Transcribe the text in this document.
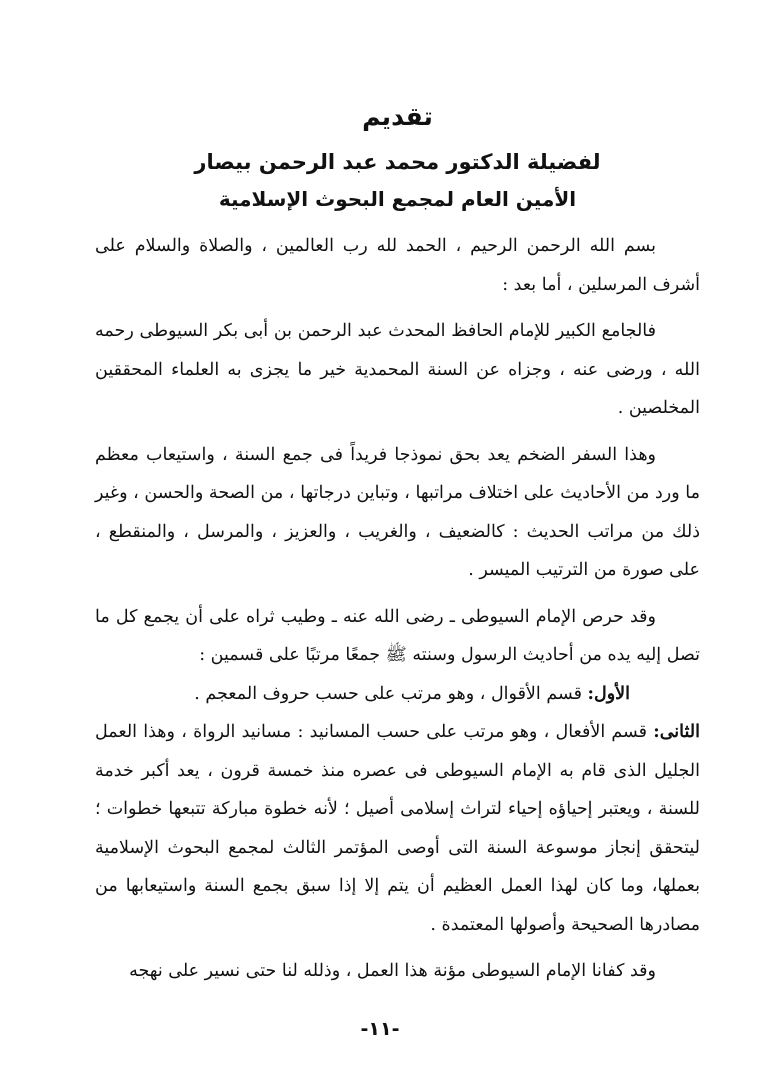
تقديم
لفضيلة الدكتور محمد عبد الرحمن بيصار
الأمين العام لمجمع البحوث الإسلامية

بسم الله الرحمن الرحيم ، الحمد لله رب العالمين ، والصلاة والسلام على أشرف المرسلين ، أما بعد :

فالجامع الكبير للإمام الحافظ المحدث عبد الرحمن بن أبى بكر السيوطى رحمه الله ، ورضى عنه ، وجزاه عن السنة المحمدية خير ما يجزى به العلماء المحققين المخلصين .

وهذا السفر الضخم يعد بحق نموذجا فريداً فى جمع السنة ، واستيعاب معظم ما ورد من الأحاديث على اختلاف مراتبها ، وتباين درجاتها ، من الصحة والحسن ، وغير ذلك من مراتب الحديث : كالضعيف ، والغريب ، والعزيز ، والمرسل ، والمنقطع ، على صورة من الترتيب الميسر .

وقد حرص الإمام السيوطى ـ رضى الله عنه ـ وطيب ثراه على أن يجمع كل ما تصل إليه يده من أحاديث الرسول وسنته ﷺ جمعًا مرتبًا على قسمين :

الأول: قسم الأقوال ، وهو مرتب على حسب حروف المعجم .

الثانى: قسم الأفعال ، وهو مرتب على حسب المسانيد : مسانيد الرواة ، وهذا العمل الجليل الذى قام به الإمام السيوطى فى عصره منذ خمسة قرون ، يعد أكبر خدمة للسنة ، ويعتبر إحياؤه إحياء لتراث إسلامى أصيل ؛ لأنه خطوة مباركة تتبعها خطوات ؛ ليتحقق إنجاز موسوعة السنة التى أوصى المؤتمر الثالث لمجمع البحوث الإسلامية بعملها، وما كان لهذا العمل العظيم أن يتم إلا إذا سبق بجمع السنة واستيعابها من مصادرها الصحيحة وأصولها المعتمدة .

وقد كفانا الإمام السيوطى مؤنة هذا العمل ، وذلله لنا حتى نسير على نهجه

-١١-
